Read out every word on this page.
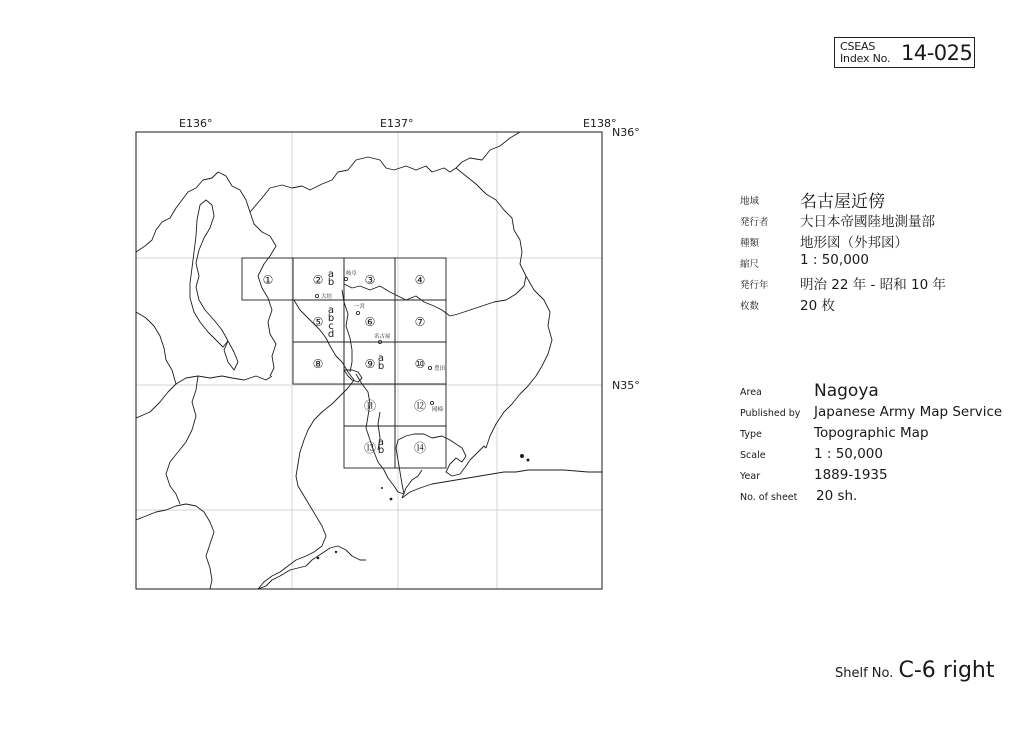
CSEAS
Index No. 14-025
E136°	E137°	E138°
N36°
N35°
①	②	③	④
⑤	⑥	⑦
⑧	⑨	⑩
⑪	⑫
⑬	⑭
a
b
a
b
c
d
a
b
a
b
岐阜
大垣
一宮
名古屋
豊田
岡崎
地域 名古屋近傍
発行者 大日本帝國陸地測量部
種類	地形図（外邦図）
縮尺	1 : 50,000
発行年 明治 22 年 - 昭和 10 年
枚数	20 枚
Area	Nagoya
Published by Japanese Army Map Service
Type	Topographic Map
Scale	1 : 50,000
Year	1889-1935
No. of sheet 20 sh.
Shelf No. C-6 right
